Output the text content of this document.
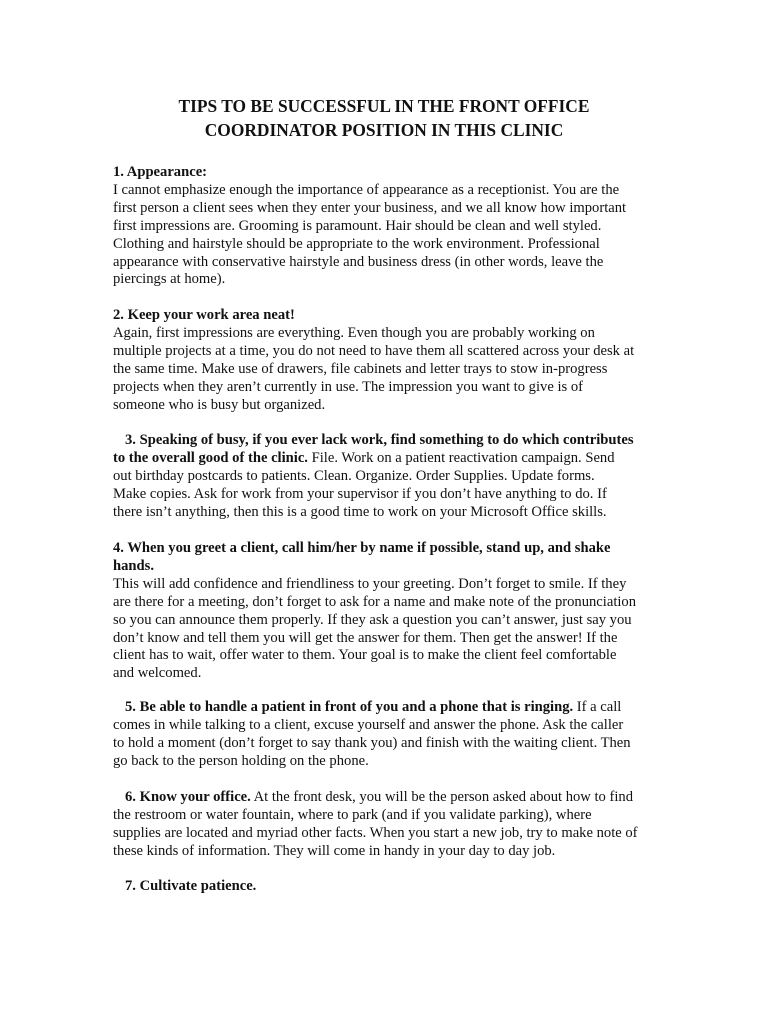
TIPS TO BE SUCCESSFUL IN THE FRONT OFFICE
COORDINATOR POSITION IN THIS CLINIC
1. Appearance:
I cannot emphasize enough the importance of appearance as a receptionist. You are the
first person a client sees when they enter your business, and we all know how important
first impressions are. Grooming is paramount. Hair should be clean and well styled.
Clothing and hairstyle should be appropriate to the work environment. Professional
appearance with conservative hairstyle and business dress (in other words, leave the
piercings at home).
2. Keep your work area neat!
Again, first impressions are everything. Even though you are probably working on
multiple projects at a time, you do not need to have them all scattered across your desk at
the same time. Make use of drawers, file cabinets and letter trays to stow in-progress
projects when they aren’t currently in use. The impression you want to give is of
someone who is busy but organized.
3. Speaking of busy, if you ever lack work, find something to do which contributes
to the overall good of the clinic. File. Work on a patient reactivation campaign. Send
out birthday postcards to patients. Clean. Organize. Order Supplies. Update forms.
Make copies. Ask for work from your supervisor if you don’t have anything to do. If
there isn’t anything, then this is a good time to work on your Microsoft Office skills.
4. When you greet a client, call him/her by name if possible, stand up, and shake
hands.
This will add confidence and friendliness to your greeting. Don’t forget to smile. If they
are there for a meeting, don’t forget to ask for a name and make note of the pronunciation
so you can announce them properly. If they ask a question you can’t answer, just say you
don’t know and tell them you will get the answer for them. Then get the answer! If the
client has to wait, offer water to them. Your goal is to make the client feel comfortable
and welcomed.
5. Be able to handle a patient in front of you and a phone that is ringing. If a call
comes in while talking to a client, excuse yourself and answer the phone. Ask the caller
to hold a moment (don’t forget to say thank you) and finish with the waiting client. Then
go back to the person holding on the phone.
6. Know your office. At the front desk, you will be the person asked about how to find
the restroom or water fountain, where to park (and if you validate parking), where
supplies are located and myriad other facts. When you start a new job, try to make note of
these kinds of information. They will come in handy in your day to day job.
7. Cultivate patience.
